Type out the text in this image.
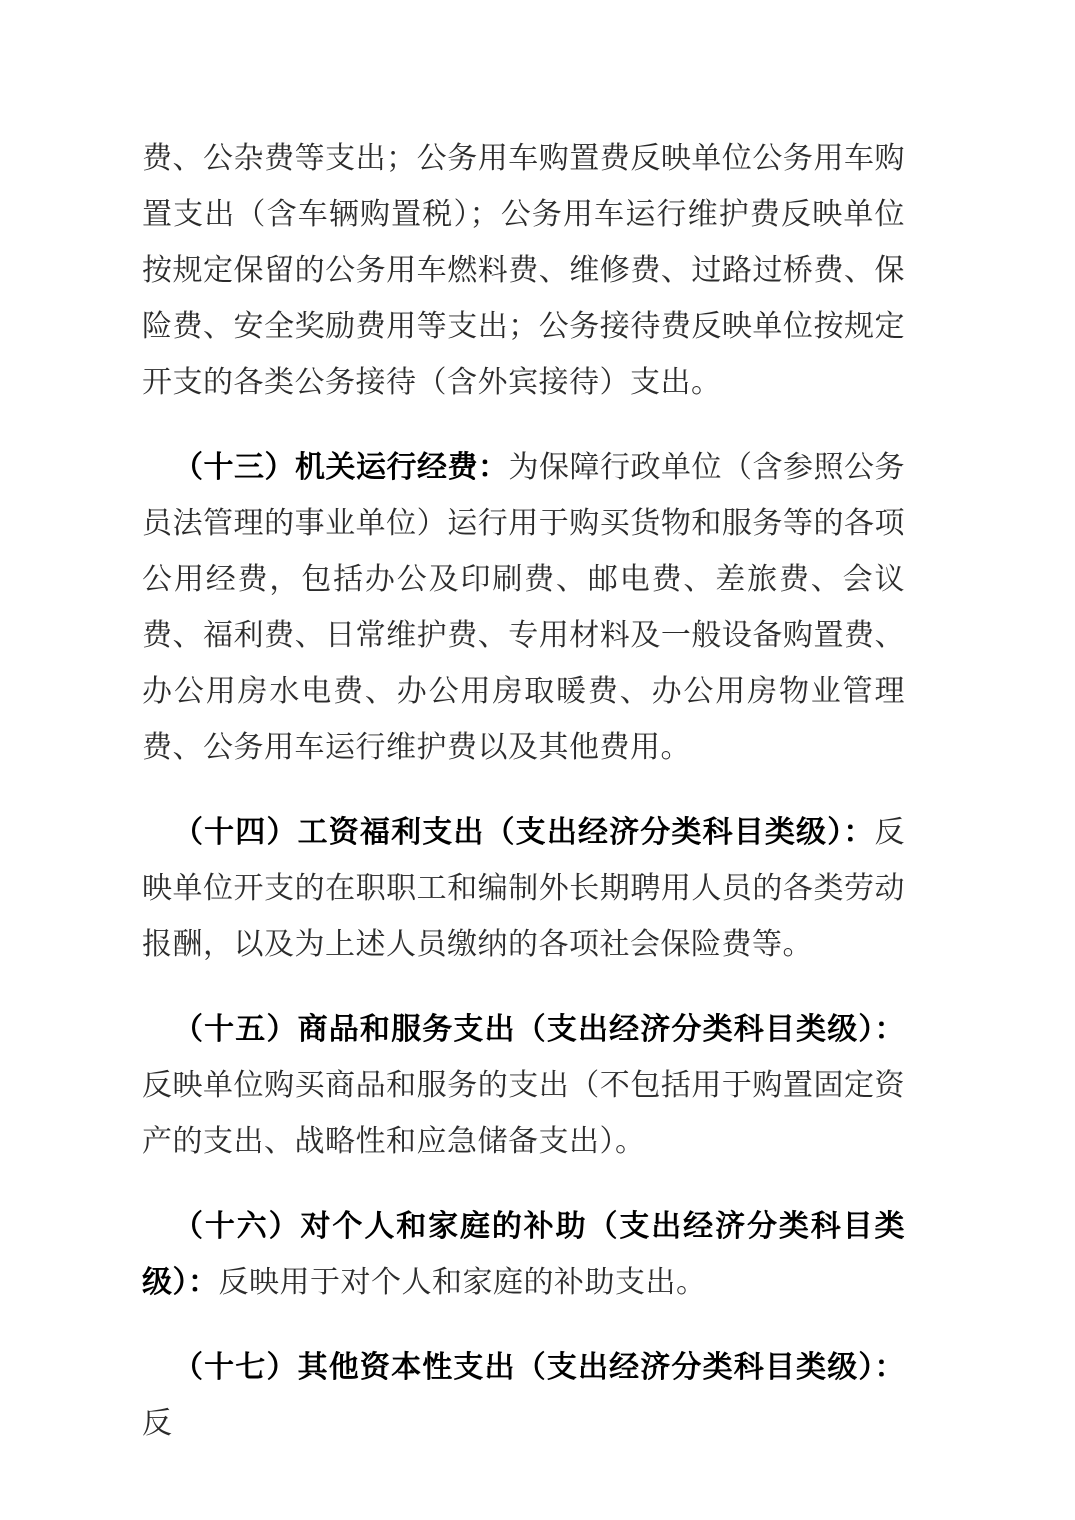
费、公杂费等支出；公务用车购置费反映单位公务用车购置支出（含车辆购置税）；公务用车运行维护费反映单位按规定保留的公务用车燃料费、维修费、过路过桥费、保险费、安全奖励费用等支出；公务接待费反映单位按规定开支的各类公务接待（含外宾接待）支出。

（十三）机关运行经费：为保障行政单位（含参照公务员法管理的事业单位）运行用于购买货物和服务等的各项公用经费，包括办公及印刷费、邮电费、差旅费、会议费、福利费、日常维护费、专用材料及一般设备购置费、办公用房水电费、办公用房取暖费、办公用房物业管理费、公务用车运行维护费以及其他费用。

（十四）工资福利支出（支出经济分类科目类级）：反映单位开支的在职职工和编制外长期聘用人员的各类劳动报酬，以及为上述人员缴纳的各项社会保险费等。

（十五）商品和服务支出（支出经济分类科目类级）：反映单位购买商品和服务的支出（不包括用于购置固定资产的支出、战略性和应急储备支出）。

（十六）对个人和家庭的补助（支出经济分类科目类级）：反映用于对个人和家庭的补助支出。

（十七）其他资本性支出（支出经济分类科目类级）：反
